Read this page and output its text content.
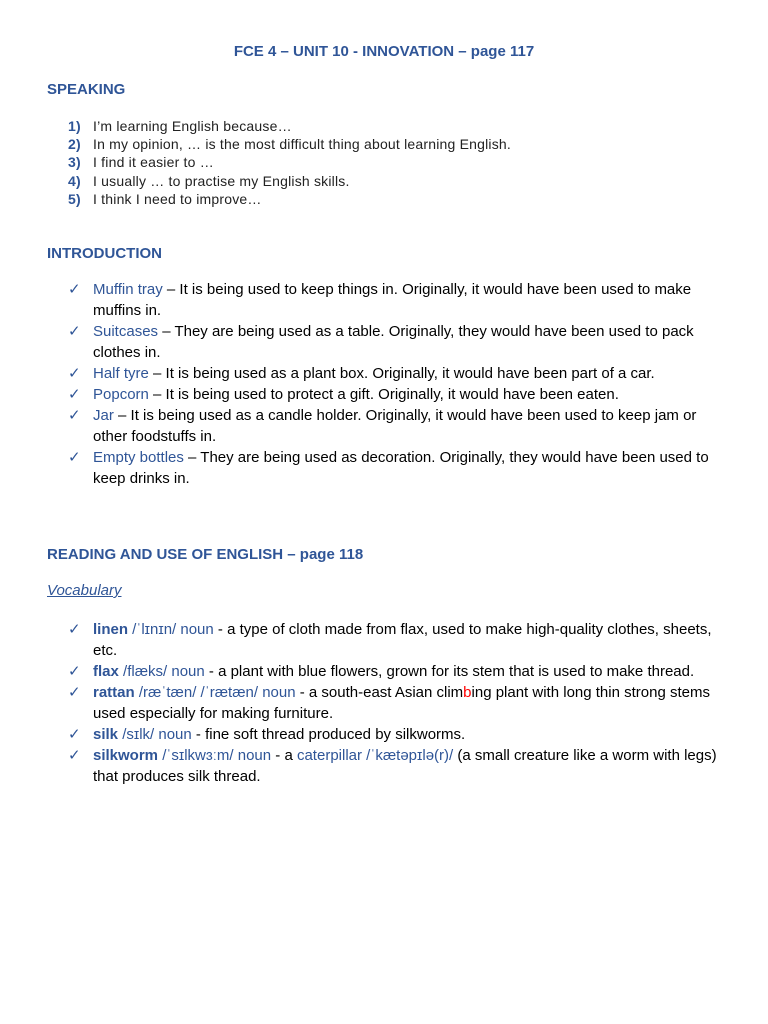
FCE 4 – UNIT 10 - INNOVATION – page 117
SPEAKING
1) I’m learning English because…
2) In my opinion, … is the most difficult thing about learning English.
3) I find it easier to …
4) I usually … to practise my English skills.
5) I think I need to improve…
INTRODUCTION
✓ Muffin tray – It is being used to keep things in. Originally, it would have been used to make muffins in.
✓ Suitcases – They are being used as a table. Originally, they would have been used to pack clothes in.
✓ Half tyre – It is being used as a plant box. Originally, it would have been part of a car.
✓ Popcorn – It is being used to protect a gift. Originally, it would have been eaten.
✓ Jar – It is being used as a candle holder. Originally, it would have been used to keep jam or other foodstuffs in.
✓ Empty bottles – They are being used as decoration. Originally, they would have been used to keep drinks in.
READING AND USE OF ENGLISH – page 118
Vocabulary
✓ linen /ˈlɪnɪn/ noun - a type of cloth made from flax, used to make high-quality clothes, sheets, etc.
✓ flax /flæks/ noun - a plant with blue flowers, grown for its stem that is used to make thread.
✓ rattan /ræˈtæn/ /ˈrætæn/ noun - a south-east Asian climbing plant with long thin strong stems used especially for making furniture.
✓ silk /sɪlk/ noun - fine soft thread produced by silkworms.
✓ silkworm /ˈsɪlkwɜːm/ noun - a caterpillar /ˈkætəpɪlə(r)/ (a small creature like a worm with legs) that produces silk thread.
